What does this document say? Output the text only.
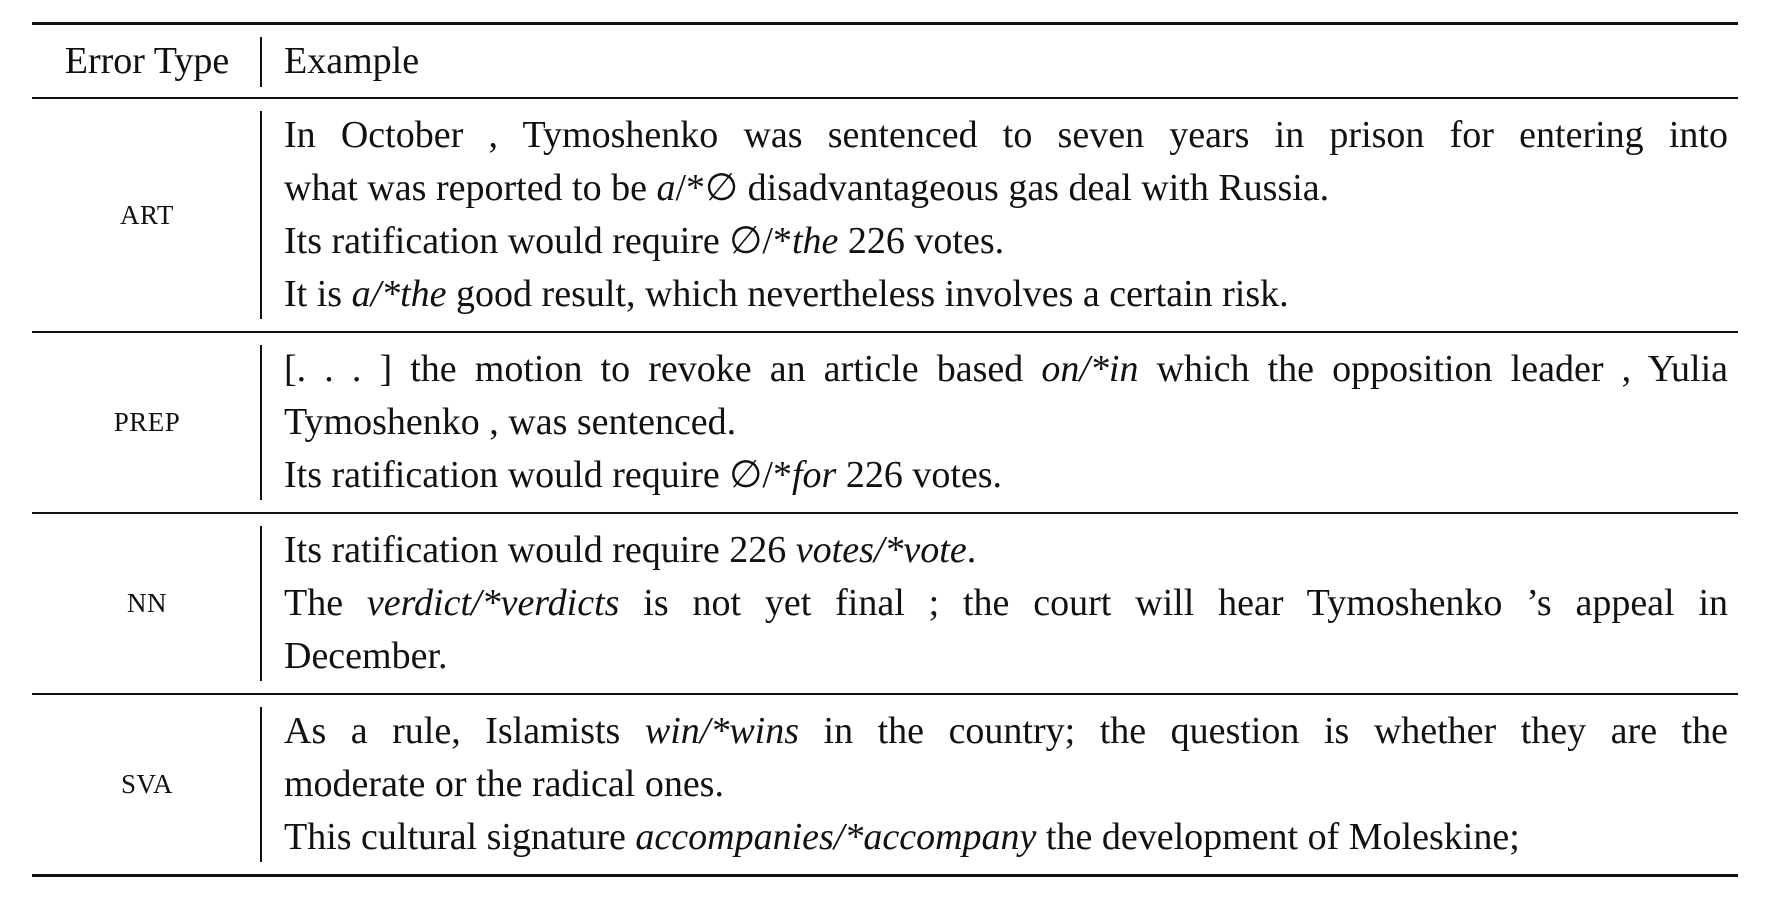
Error Type	Example
ART	In October , Tymoshenko was sentenced to seven years in prison for entering into
what was reported to be a/*∅ disadvantageous gas deal with Russia.
Its ratification would require ∅/*the 226 votes.
It is a/*the good result, which nevertheless involves a certain risk.

PREP	[. . . ] the motion to revoke an article based on/*in which the opposition leader , Yulia
Tymoshenko , was sentenced.
Its ratification would require ∅/*for 226 votes.

NN	Its ratification would require 226 votes/*vote.
The verdict/*verdicts is not yet final ; the court will hear Tymoshenko ’s appeal in
December.

SVA	As a rule, Islamists win/*wins in the country; the question is whether they are the
moderate or the radical ones.
This cultural signature accompanies/*accompany the development of Moleskine;
